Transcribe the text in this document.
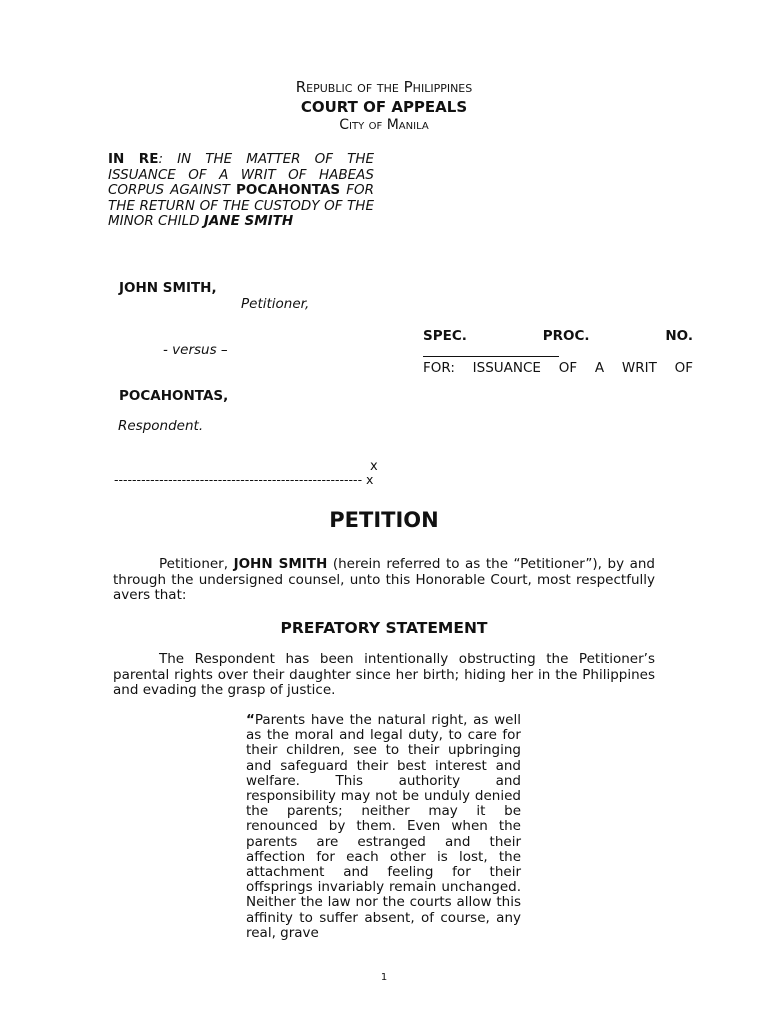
Republic of the Philippines
COURT OF APPEALS
City of Manila
IN RE: IN THE MATTER OF THE ISSUANCE OF A WRIT OF HABEAS CORPUS AGAINST POCAHONTAS FOR THE RETURN OF THE CUSTODY OF THE MINOR CHILD JANE SMITH
JOHN SMITH,
Petitioner,
- versus –
POCAHONTAS,
Respondent.
SPEC.	PROC.	NO.
FOR: ISSUANCE OF A WRIT OF
x
------------------------------------------------------- x
PETITION
Petitioner, JOHN SMITH (herein referred to as the “Petitioner”), by and through the undersigned counsel, unto this Honorable Court, most respectfully avers that:
PREFATORY STATEMENT
The Respondent has been intentionally obstructing the Petitioner’s parental rights over their daughter since her birth; hiding her in the Philippines and evading the grasp of justice.
“Parents have the natural right, as well as the moral and legal duty, to care for their children, see to their upbringing and safeguard their best interest and welfare. This authority and responsibility may not be unduly denied the parents; neither may it be renounced by them. Even when the parents are estranged and their affection for each other is lost, the attachment and feeling for their offsprings invariably remain unchanged. Neither the law nor the courts allow this affinity to suffer absent, of course, any real, grave
1
